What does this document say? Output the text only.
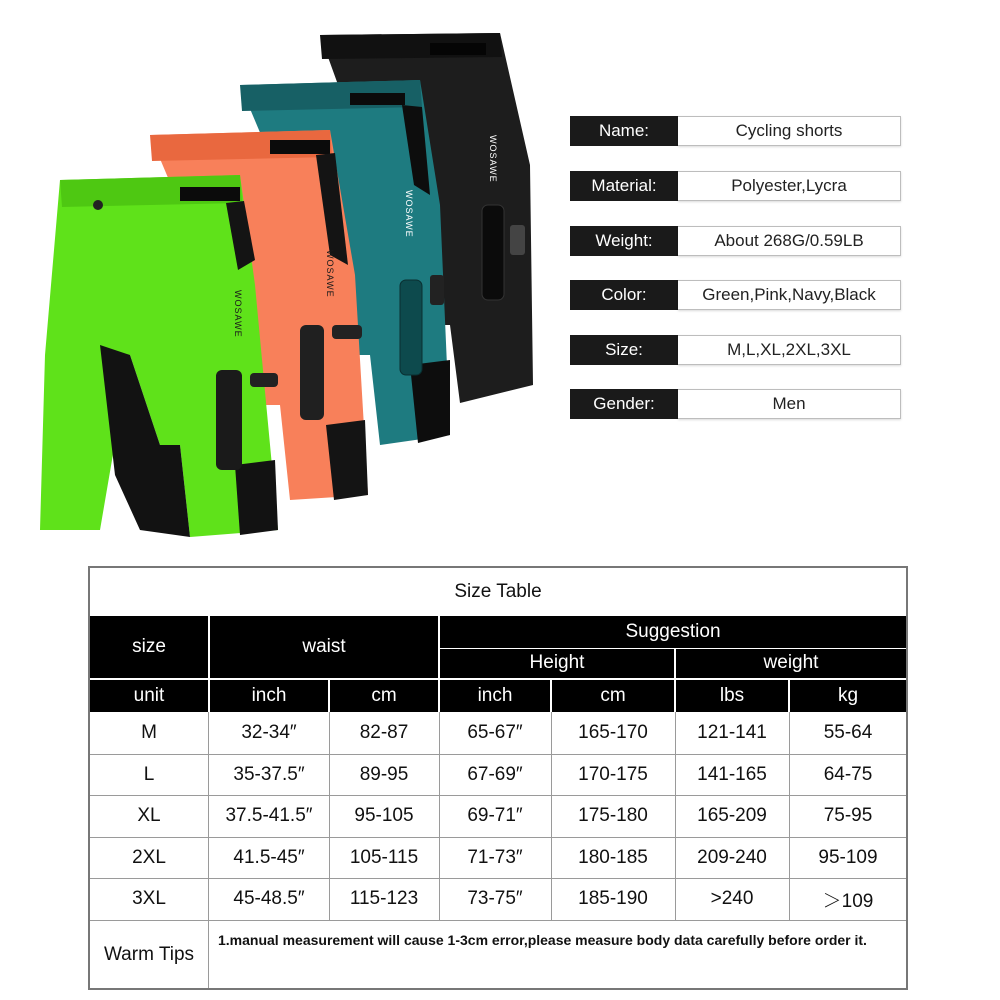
WOSAWE
WOSAWE
WOSAWE
WOSAWE
Name:	Cycling shorts
Material:	Polyester,Lycra
Weight:	About 268G/0.59LB
Color:	Green,Pink,Navy,Black
Size:	M,L,XL,2XL,3XL
Gender:	Men
Size Table
size	waist
Suggestion
Height	weight
unit	inch	cm	inch	cm	lbs	kg
M	32-34″	82-87	65-67″	165-170	121-141	55-64
L	35-37.5″	89-95	67-69″	170-175	141-165	64-75
XL	37.5-41.5″	95-105	69-71″	175-180	165-209	75-95
2XL	41.5-45″	105-115	71-73″	180-185	209-240	95-109
3XL	45-48.5″	115-123	73-75″	185-190	>240	＞109
Warm Tips
1.manual measurement will cause 1-3cm error,please measure body data carefully before order it.
